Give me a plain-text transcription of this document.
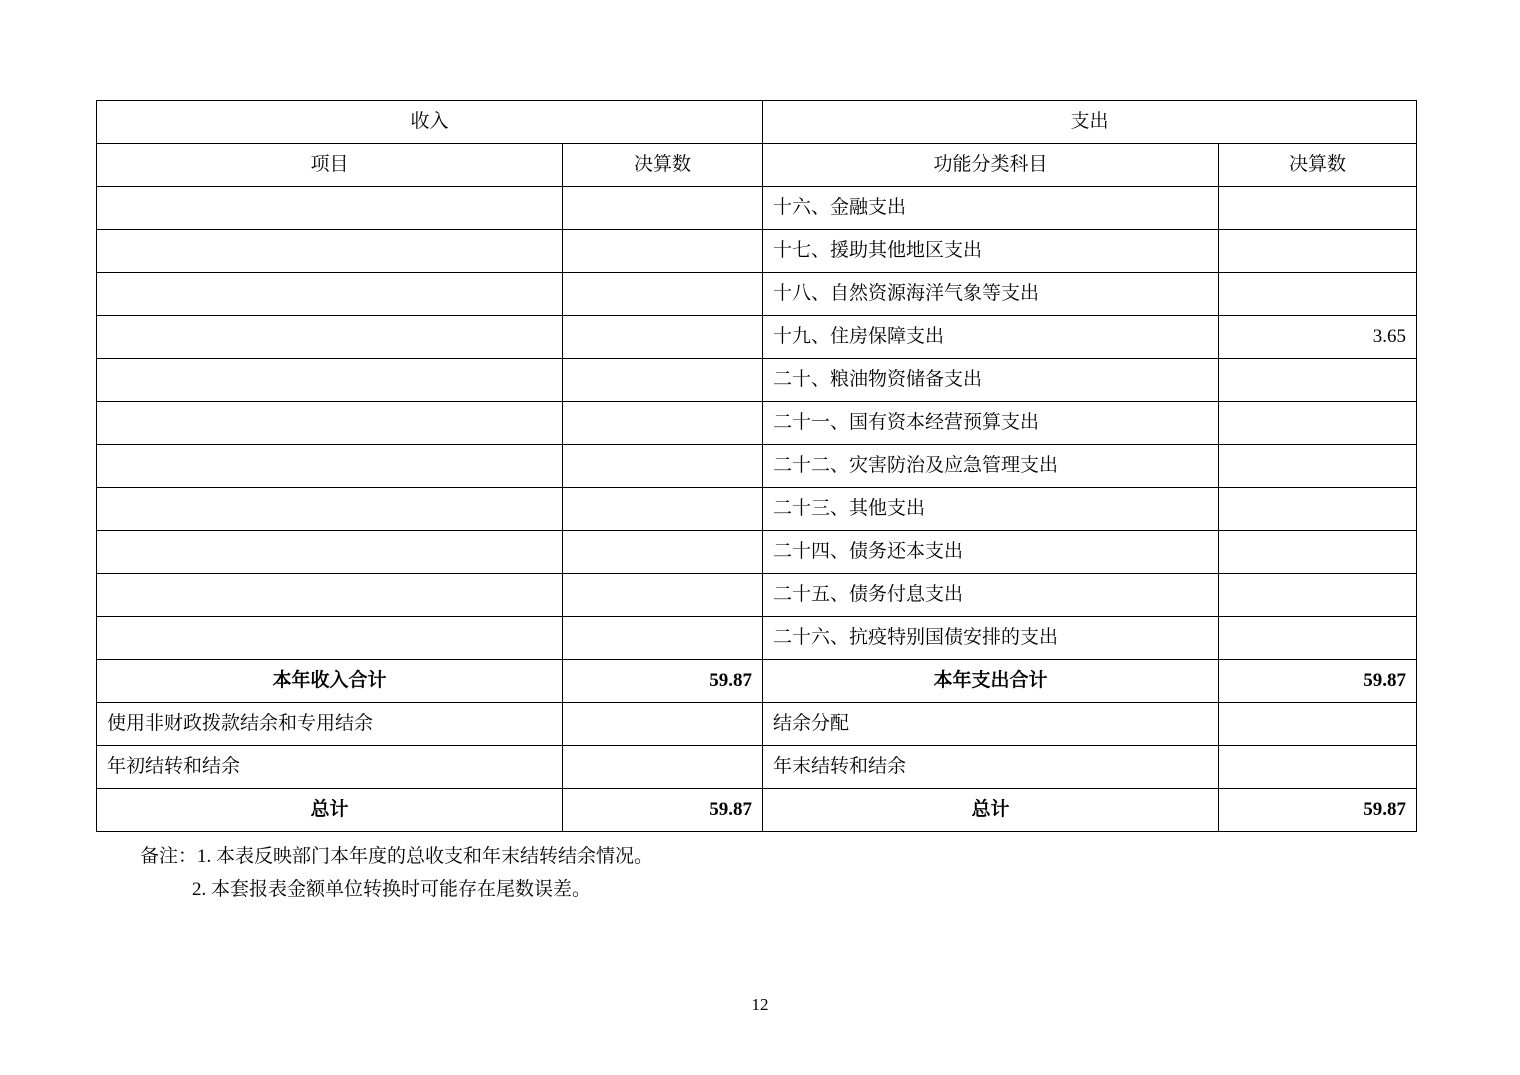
收入		支出	
项目	决算数	功能分类科目	决算数
		十六、金融支出	
		十七、援助其他地区支出	
		十八、自然资源海洋气象等支出	
		十九、住房保障支出	3.65
		二十、粮油物资储备支出	
		二十一、国有资本经营预算支出	
		二十二、灾害防治及应急管理支出	
		二十三、其他支出	
		二十四、债务还本支出	
		二十五、债务付息支出	
		二十六、抗疫特别国债安排的支出	
本年收入合计	59.87	本年支出合计	59.87
使用非财政拨款结余和专用结余		结余分配	
年初结转和结余		年末结转和结余	
总计	59.87	总计	59.87
备注：1. 本表反映部门本年度的总收支和年末结转结余情况。
2. 本套报表金额单位转换时可能存在尾数误差。
12
